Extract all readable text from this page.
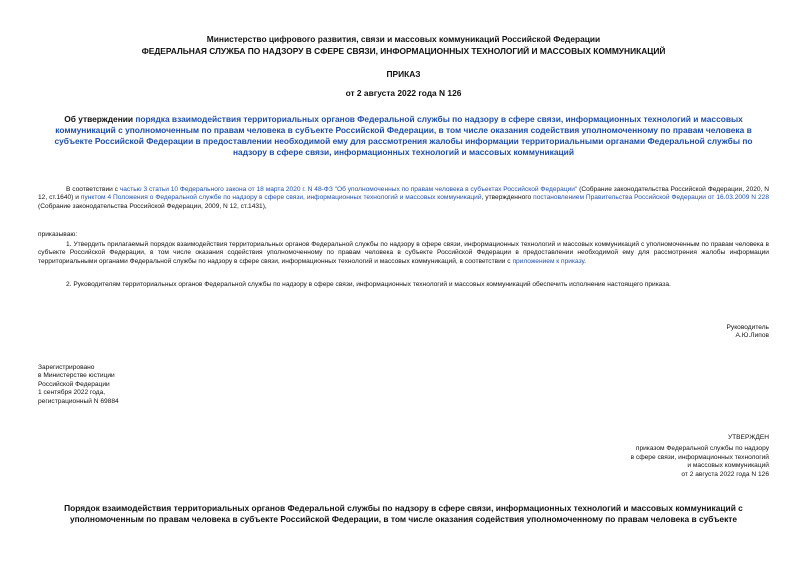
Министерство цифрового развития, связи и массовых коммуникаций Российской Федерации
ФЕДЕРАЛЬНАЯ СЛУЖБА ПО НАДЗОРУ В СФЕРЕ СВЯЗИ, ИНФОРМАЦИОННЫХ ТЕХНОЛОГИЙ И МАССОВЫХ КОММУНИКАЦИЙ
ПРИКАЗ
от 2 августа 2022 года N 126
Об утверждении порядка взаимодействия территориальных органов Федеральной службы по надзору в сфере связи, информационных технологий и массовых коммуникаций с уполномоченным по правам человека в субъекте Российской Федерации, в том числе оказания содействия уполномоченному по правам человека в субъекте Российской Федерации в предоставлении необходимой ему для рассмотрения жалобы информации территориальными органами Федеральной службы по надзору в сфере связи, информационных технологий и массовых коммуникаций
В соответствии с частью 3 статьи 10 Федерального закона от 18 марта 2020 г. N 48-ФЗ "Об уполномоченных по правам человека в субъектах Российской Федерации" (Собрание законодательства Российской Федерации, 2020, N 12, ст.1640) и пунктом 4 Положения о Федеральной службе по надзору в сфере связи, информационных технологий и массовых коммуникаций, утвержденного постановлением Правительства Российской Федерации от 16.03.2009 N 228 (Собрание законодательства Российской Федерации, 2009, N 12, ст.1431),
приказываю:
1. Утвердить прилагаемый порядок взаимодействия территориальных органов Федеральной службы по надзору в сфере связи, информационных технологий и массовых коммуникаций с уполномоченным по правам человека в субъекте Российской Федерации, в том числе оказания содействия уполномоченному по правам человека в субъекте Российской Федерации в предоставлении необходимой ему для рассмотрения жалобы информации территориальными органами Федеральной службы по надзору в сфере связи, информационных технологий и массовых коммуникаций, в соответствии с приложением к приказу.
2. Руководителям территориальных органов Федеральной службы по надзору в сфере связи, информационных технологий и массовых коммуникаций обеспечить исполнение настоящего приказа.
Руководитель
А.Ю.Липов
Зарегистрировано
в Министерстве юстиции
Российской Федерации
1 сентября 2022 года,
регистрационный N 69884
УТВЕРЖДЕН
приказом Федеральной службы по надзору
в сфере связи, информационных технологий
и массовых коммуникаций
от 2 августа 2022 года N 126
Порядок взаимодействия территориальных органов Федеральной службы по надзору в сфере связи, информационных технологий и массовых коммуникаций с уполномоченным по правам человека в субъекте Российской Федерации, в том числе оказания содействия уполномоченному по правам человека в субъекте
